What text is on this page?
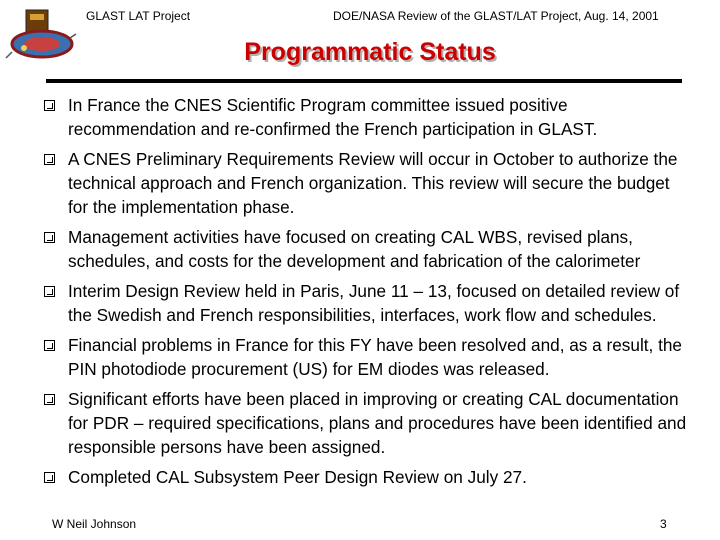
GLAST LAT Project	DOE/NASA Review of the GLAST/LAT Project, Aug. 14, 2001
Programmatic Status
In France the CNES Scientific Program committee issued positive recommendation and re-confirmed the French participation in GLAST.
A CNES Preliminary Requirements Review will occur in October to authorize the technical approach and French organization. This review will secure the budget for the implementation phase.
Management activities have focused on creating CAL WBS, revised plans, schedules, and costs for the development and fabrication of the calorimeter
Interim Design Review held in Paris, June 11 – 13, focused on detailed review of the Swedish and French responsibilities, interfaces, work flow and schedules.
Financial problems in France for this FY have been resolved and, as a result, the PIN photodiode procurement (US) for EM diodes was released.
Significant efforts have been placed in improving or creating CAL documentation for PDR – required specifications, plans and procedures have been identified and responsible persons have been assigned.
Completed CAL Subsystem Peer Design Review on July 27.
W Neil Johnson	3
